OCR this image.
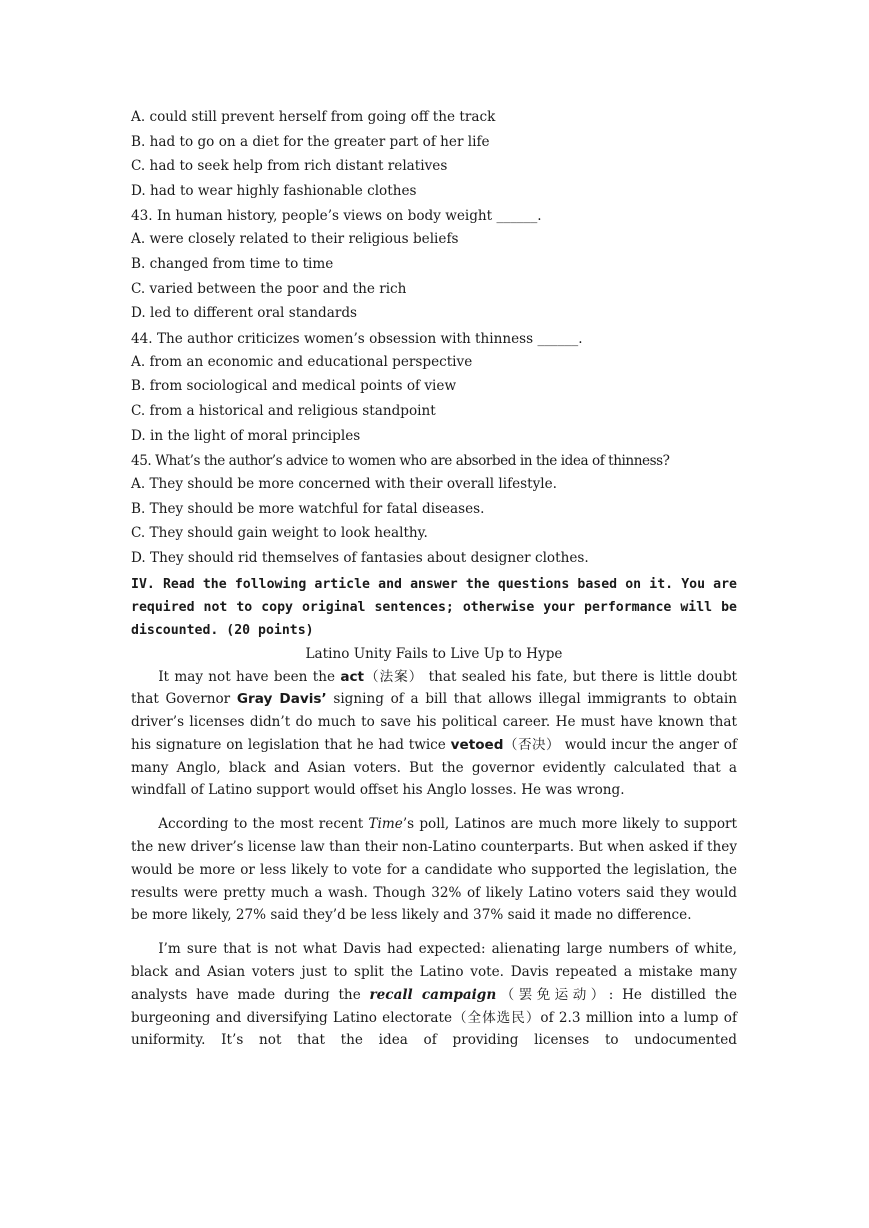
A. could still prevent herself from going off the track
B. had to go on a diet for the greater part of her life
C. had to seek help from rich distant relatives
D. had to wear highly fashionable clothes
43. In human history, people’s views on body weight ______.
A. were closely related to their religious beliefs
B. changed from time to time
C. varied between the poor and the rich
D. led to different oral standards
44. The author criticizes women’s obsession with thinness ______.
A. from an economic and educational perspective
B. from sociological and medical points of view
C. from a historical and religious standpoint
D. in the light of moral principles
45. What’s the author’s advice to women who are absorbed in the idea of thinness?
A. They should be more concerned with their overall lifestyle.
B. They should be more watchful for fatal diseases.
C. They should gain weight to look healthy.
D. They should rid themselves of fantasies about designer clothes.
IV. Read the following article and answer the questions based on it. You are required not to copy original sentences; otherwise your performance will be discounted. (20 points)
Latino Unity Fails to Live Up to Hype

It may not have been the act（法案） that sealed his fate, but there is little doubt that Governor Gray Davis’ signing of a bill that allows illegal immigrants to obtain driver’s licenses didn’t do much to save his political career. He must have known that his signature on legislation that he had twice vetoed（否决） would incur the anger of many Anglo, black and Asian voters. But the governor evidently calculated that a windfall of Latino support would offset his Anglo losses. He was wrong.

According to the most recent Time’s poll, Latinos are much more likely to support the new driver’s license law than their non-Latino counterparts. But when asked if they would be more or less likely to vote for a candidate who supported the legislation, the results were pretty much a wash. Though 32% of likely Latino voters said they would be more likely, 27% said they’d be less likely and 37% said it made no difference.

I’m sure that is not what Davis had expected: alienating large numbers of white, black and Asian voters just to split the Latino vote. Davis repeated a mistake many analysts have made during the recall campaign（罢免运动）: He distilled the burgeoning and diversifying Latino electorate（全体选民）of 2.3 million into a lump of uniformity. It’s not that the idea of providing licenses to undocumented
